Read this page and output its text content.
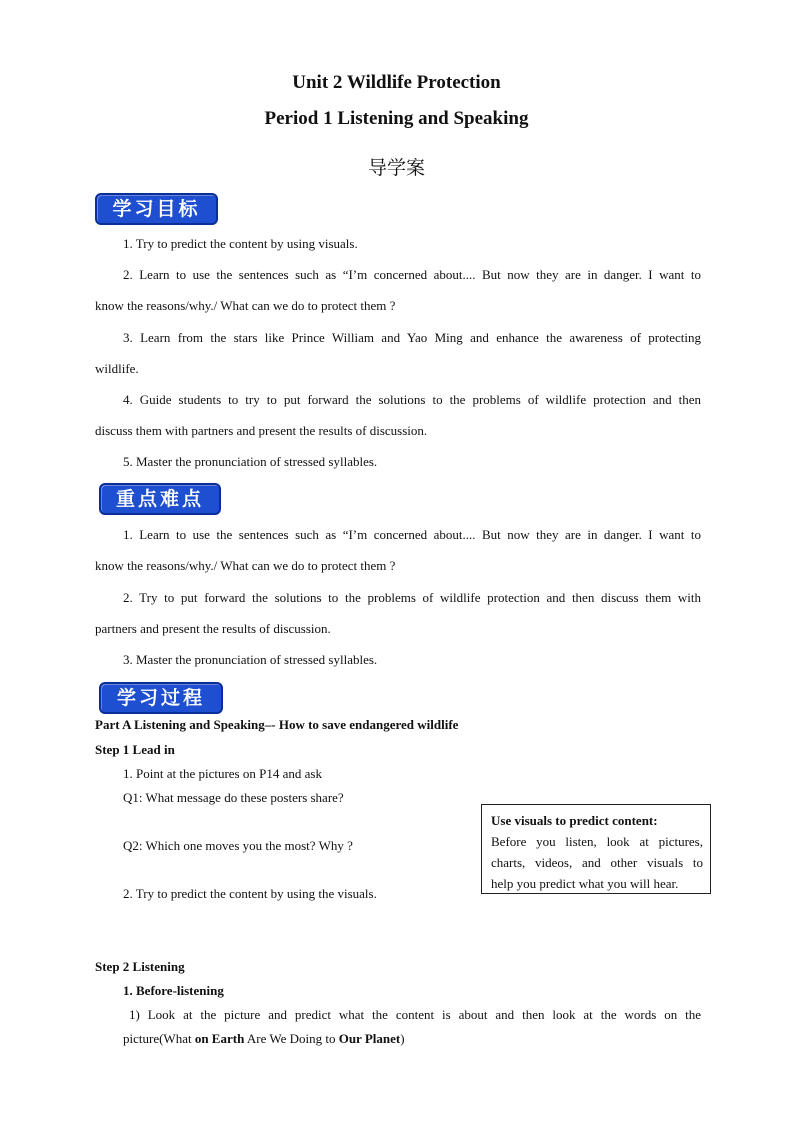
Unit 2 Wildlife Protection
Period 1 Listening and Speaking
导学案
学习目标
1. Try to predict the content by using visuals.
2. Learn to use the sentences such as “I’m concerned about.... But now they are in danger. I want to
know the reasons/why./ What can we do to protect them ?
3. Learn from the stars like Prince William and Yao Ming and enhance the awareness of protecting
wildlife.
4. Guide students to try to put forward the solutions to the problems of wildlife protection and then
discuss them with partners and present the results of discussion.
5. Master the pronunciation of stressed syllables.
重点难点
1. Learn to use the sentences such as “I’m concerned about.... But now they are in danger. I want to
know the reasons/why./ What can we do to protect them ?
2. Try to put forward the solutions to the problems of wildlife protection and then discuss them with
partners and present the results of discussion.
3. Master the pronunciation of stressed syllables.
学习过程
Part A Listening and Speaking–- How to save endangered wildlife
Step 1 Lead in
1. Point at the pictures on P14 and ask
Q1: What message do these posters share?
Q2: Which one moves you the most? Why ?
2. Try to predict the content by using the visuals.
Use visuals to predict content:
Before you listen, look at pictures,
charts, videos, and other visuals to
help you predict what you will hear.
Step 2 Listening
1. Before-listening
1) Look at the picture and predict what the content is about and then look at the words on the
picture(What on Earth Are We Doing to Our Planet)
